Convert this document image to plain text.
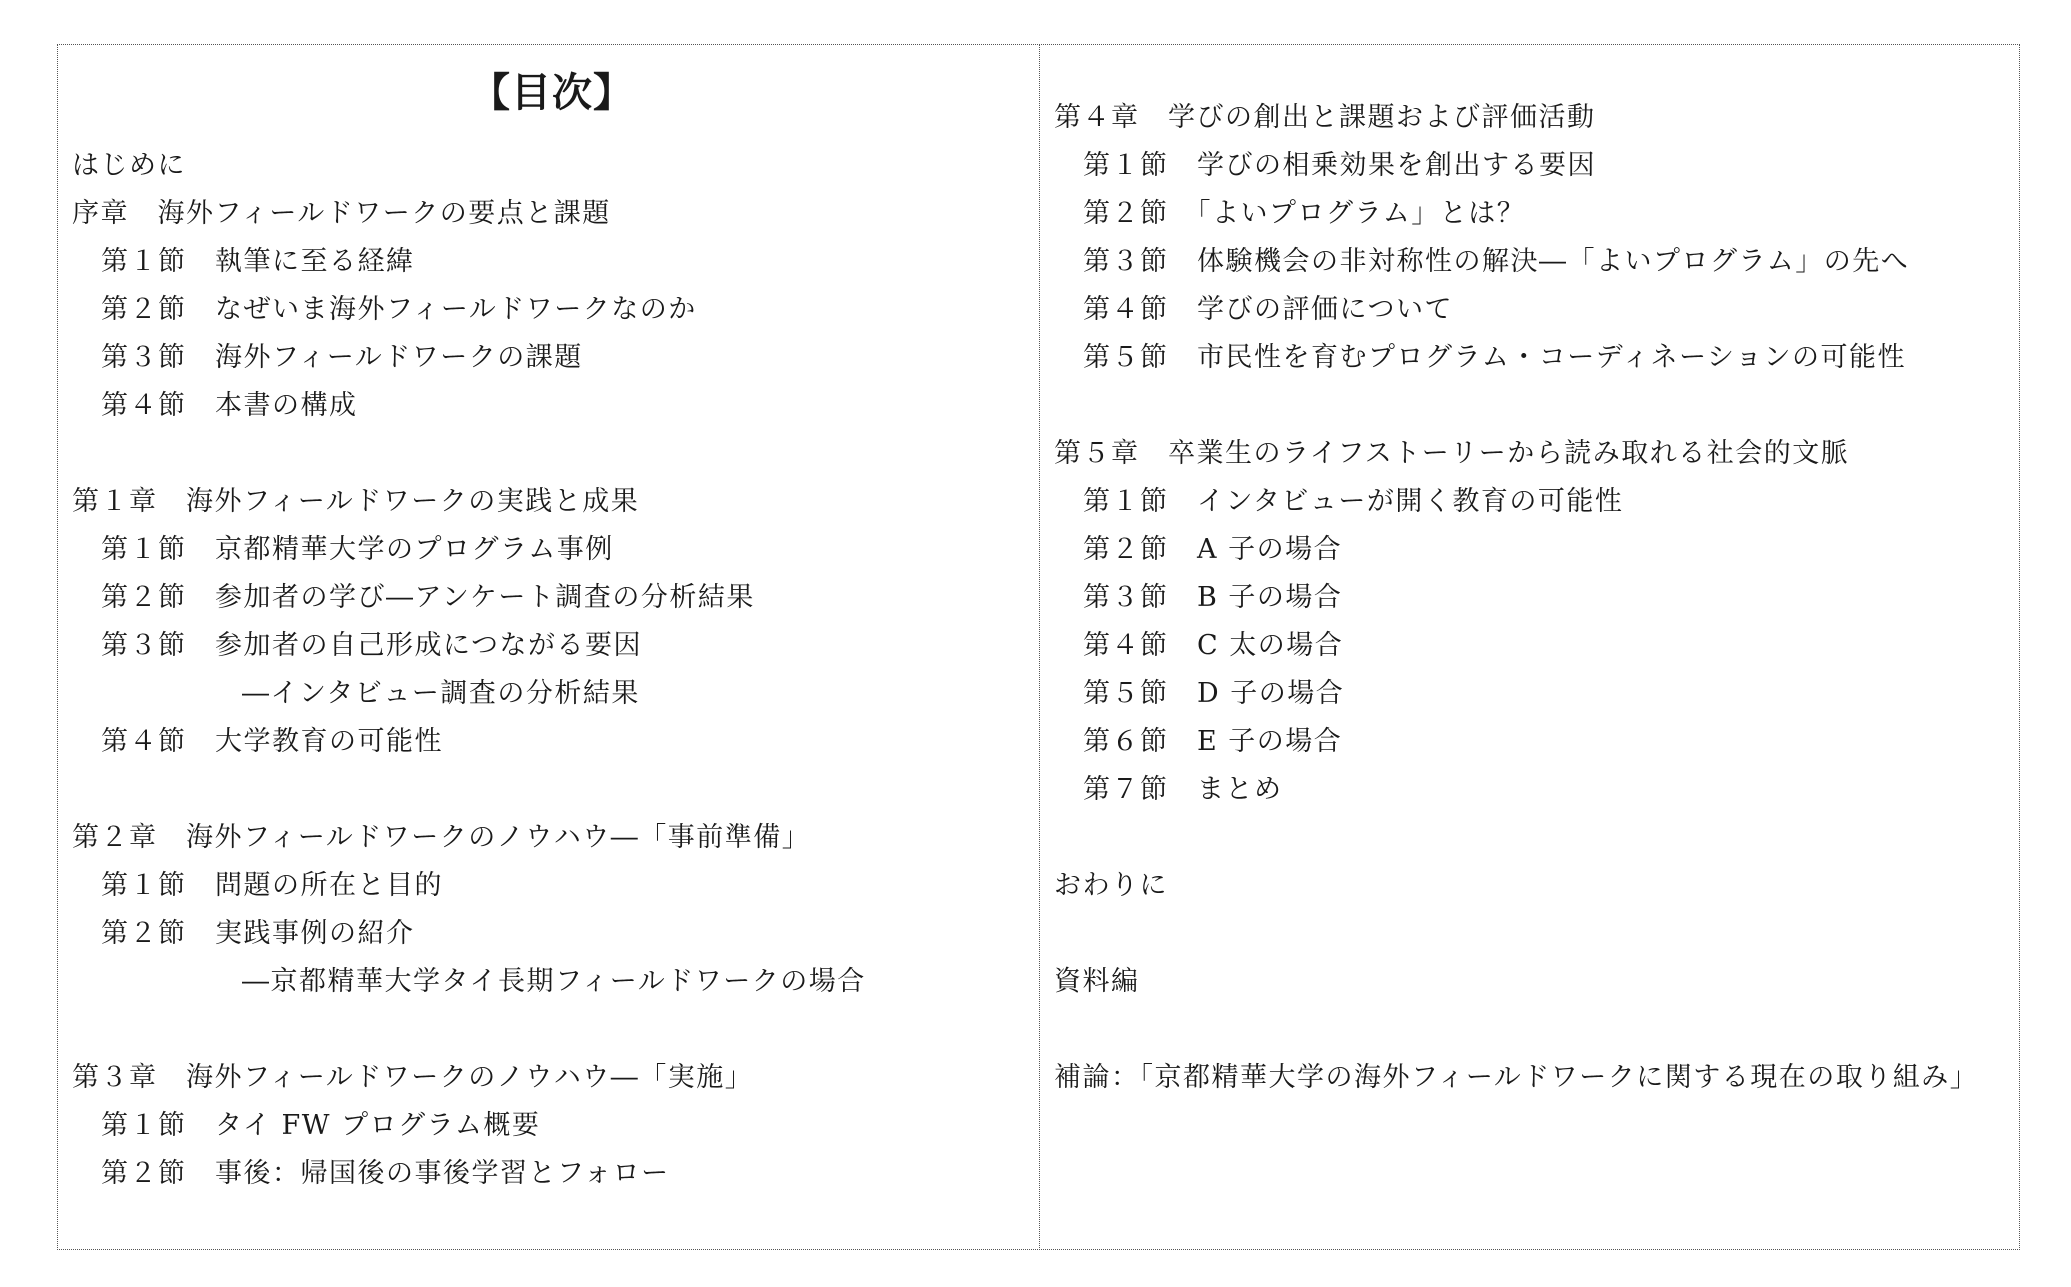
【目次】
はじめに
序章　海外フィールドワークの要点と課題
第１節　執筆に至る経緯
第２節　なぜいま海外フィールドワークなのか
第３節　海外フィールドワークの課題
第４節　本書の構成
第１章　海外フィールドワークの実践と成果
第１節　京都精華大学のプログラム事例
第２節　参加者の学び―アンケート調査の分析結果
第３節　参加者の自己形成につながる要因
―インタビュー調査の分析結果
第４節　大学教育の可能性
第２章　海外フィールドワークのノウハウ―「事前準備」
第１節　問題の所在と目的
第２節　実践事例の紹介
―京都精華大学タイ長期フィールドワークの場合
第３章　海外フィールドワークのノウハウ―「実施」
第１節　タイ FW プログラム概要
第２節　事後：帰国後の事後学習とフォロー
第４章　学びの創出と課題および評価活動
第１節　学びの相乗効果を創出する要因
第２節　「よいプログラム」とは？
第３節　体験機会の非対称性の解決―「よいプログラム」の先へ
第４節　学びの評価について
第５節　市民性を育むプログラム・コーディネーションの可能性
第５章　卒業生のライフストーリーから読み取れる社会的文脈
第１節　インタビューが開く教育の可能性
第２節　A 子の場合
第３節　B 子の場合
第４節　C 太の場合
第５節　D 子の場合
第６節　E 子の場合
第７節　まとめ
おわりに
資料編
補論：「京都精華大学の海外フィールドワークに関する現在の取り組み」
